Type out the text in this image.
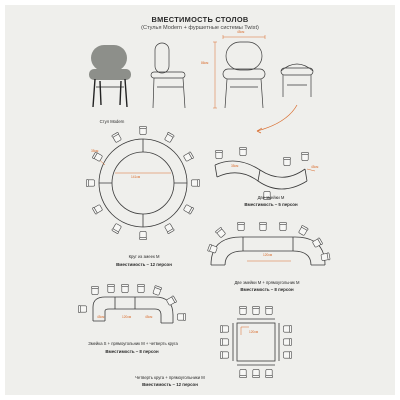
ВМЕСТИМОСТЬ СТОЛОВ
(Стулья Modern + фуршетные системы Twist)
Стул Modern
45см
86см
35см
141см
Круг из змеек М
Вместимость – 12 персон
35см	45см
Две змейки М
Вместимость – 5 персон
120см
Две змейки М + прямоугольник М
Вместимость – 8 персон
45см	120см	45см
Змейка S + прямоугольник М + четверть круга
Вместимость – 8 персон
120см
Четверть круга + прямоугольники М
Вместимость – 12 персон
